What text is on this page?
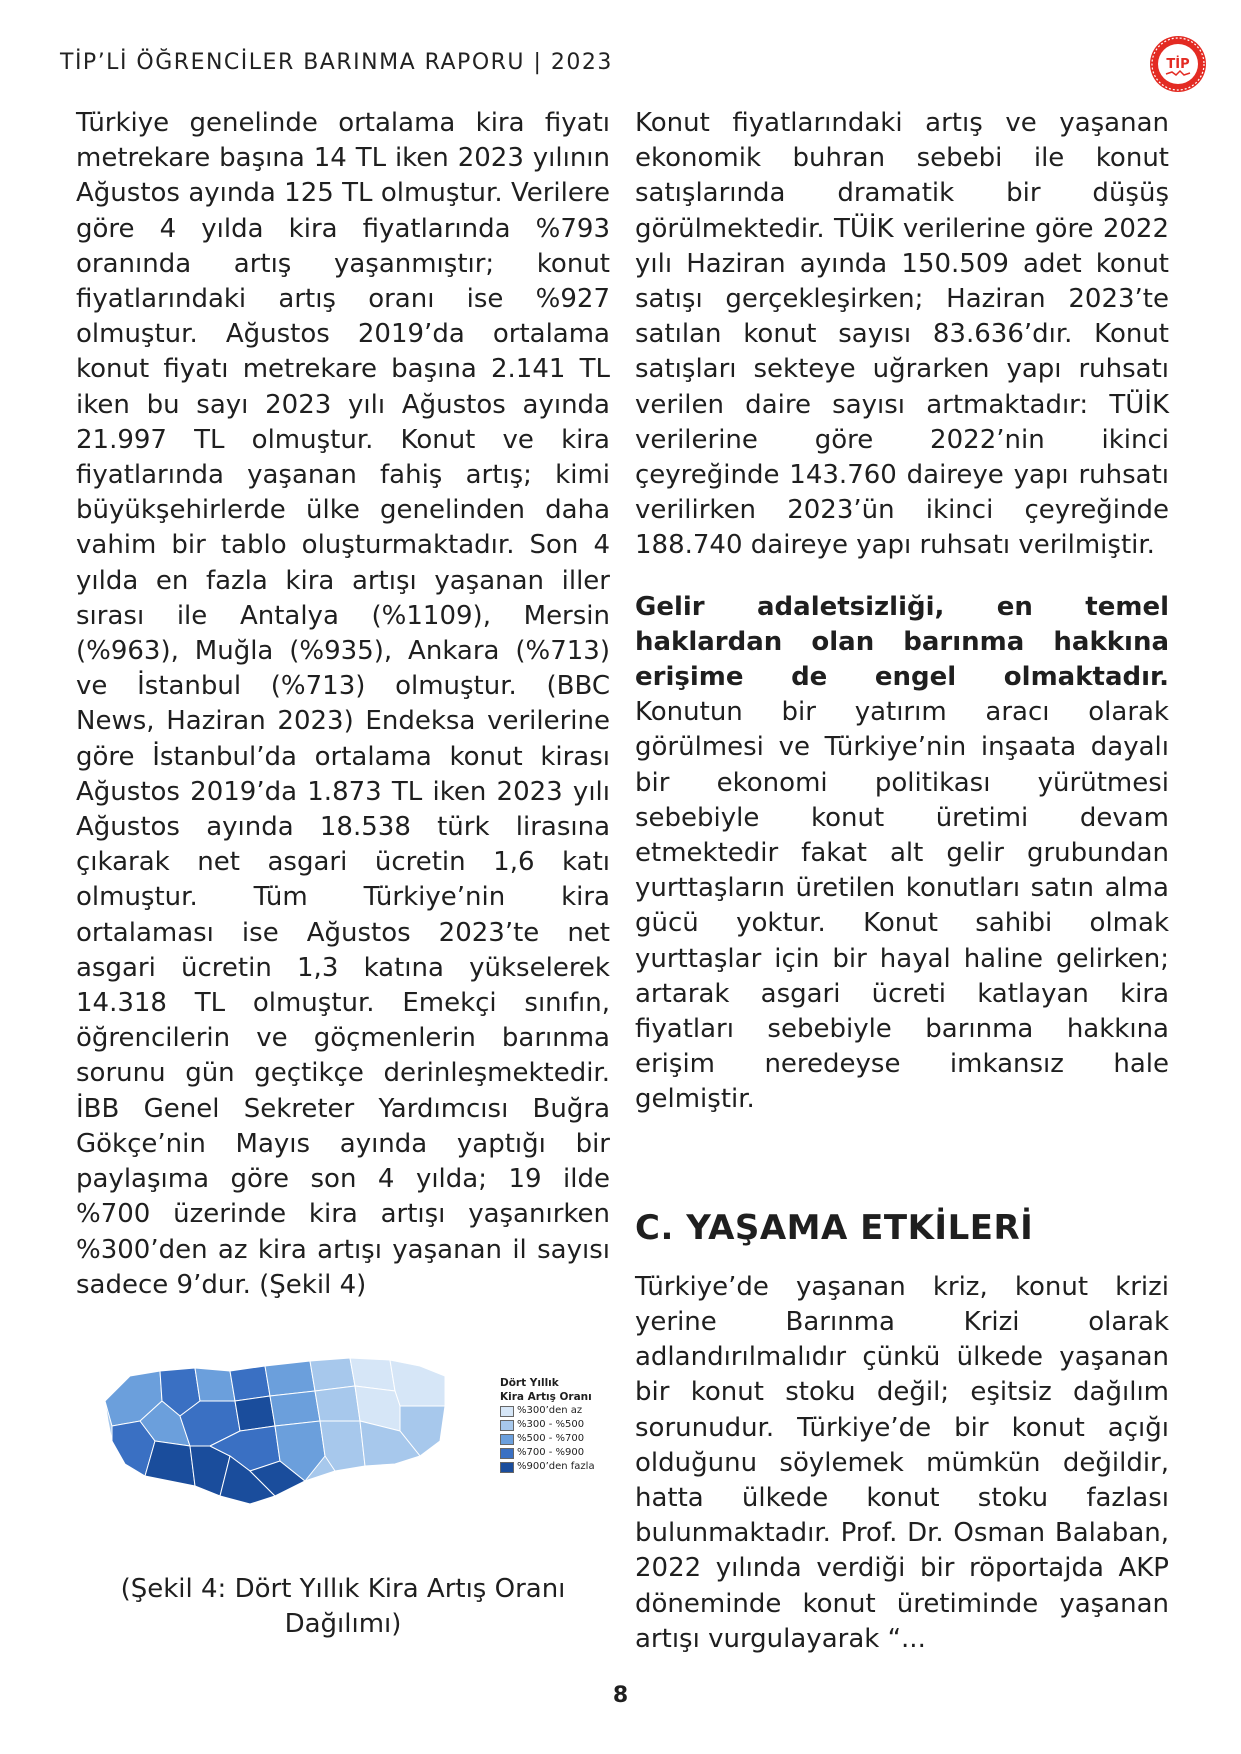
TİP’Lİ ÖĞRENCİLER BARINMA RAPORU | 2023	TİP

Türkiye genelinde ortalama kira fiyatı metrekare başına 14 TL iken 2023 yılının Ağustos ayında 125 TL olmuştur. Verilere göre 4 yılda kira fiyatlarında %793 oranında artış yaşanmıştır; konut fiyatlarındaki artış oranı ise %927 olmuştur. Ağustos 2019’da ortalama konut fiyatı metrekare başına 2.141 TL iken bu sayı 2023 yılı Ağustos ayında 21.997 TL olmuştur. Konut ve kira fiyatlarında yaşanan fahiş artış; kimi büyükşehirlerde ülke genelinden daha vahim bir tablo oluşturmaktadır. Son 4 yılda en fazla kira artışı yaşanan iller sırası ile Antalya (%1109), Mersin (%963), Muğla (%935), Ankara (%713) ve İstanbul (%713) olmuştur. (BBC News, Haziran 2023) Endeksa verilerine göre İstanbul’da ortalama konut kirası Ağustos 2019’da 1.873 TL iken 2023 yılı Ağustos ayında 18.538 türk lirasına çıkarak net asgari ücretin 1,6 katı olmuştur. Tüm Türkiye’nin kira ortalaması ise Ağustos 2023’te net asgari ücretin 1,3 katına yükselerek 14.318 TL olmuştur. Emekçi sınıfın, öğrencilerin ve göçmenlerin barınma sorunu gün geçtikçe derinleşmektedir. İBB Genel Sekreter Yardımcısı Buğra Gökçe’nin Mayıs ayında yaptığı bir paylaşıma göre son 4 yılda; 19 ilde %700 üzerinde kira artışı yaşanırken %300’den az kira artışı yaşanan il sayısı sadece 9’dur. (Şekil 4)

Dört Yıllık
Kira Artış Oranı
%300’den az
%300 - %500
%500 - %700
%700 - %900
%900’den fazla
(Şekil 4: Dört Yıllık Kira Artış Oranı Dağılımı)

Konut fiyatlarındaki artış ve yaşanan ekonomik buhran sebebi ile konut satışlarında dramatik bir düşüş görülmektedir. TÜİK verilerine göre 2022 yılı Haziran ayında 150.509 adet konut satışı gerçekleşirken; Haziran 2023’te satılan konut sayısı 83.636’dır. Konut satışları sekteye uğrarken yapı ruhsatı verilen daire sayısı artmaktadır: TÜİK verilerine göre 2022’nin ikinci çeyreğinde 143.760 daireye yapı ruhsatı verilirken 2023’ün ikinci çeyreğinde 188.740 daireye yapı ruhsatı verilmiştir.

Gelir adaletsizliği, en temel haklardan olan barınma hakkına erişime de engel olmaktadır. Konutun bir yatırım aracı olarak görülmesi ve Türkiye’nin inşaata dayalı bir ekonomi politikası yürütmesi sebebiyle konut üretimi devam etmektedir fakat alt gelir grubundan yurttaşların üretilen konutları satın alma gücü yoktur. Konut sahibi olmak yurttaşlar için bir hayal haline gelirken; artarak asgari ücreti katlayan kira fiyatları sebebiyle barınma hakkına erişim neredeyse imkansız hale gelmiştir.

C. YAŞAMA ETKİLERİ

Türkiye’de yaşanan kriz, konut krizi yerine Barınma Krizi olarak adlandırılmalıdır çünkü ülkede yaşanan bir konut stoku değil; eşitsiz dağılım sorunudur. Türkiye’de bir konut açığı olduğunu söylemek mümkün değildir, hatta ülkede konut stoku fazlası bulunmaktadır. Prof. Dr. Osman Balaban, 2022 yılında verdiği bir röportajda AKP döneminde konut üretiminde yaşanan artışı vurgulayarak “...

8
